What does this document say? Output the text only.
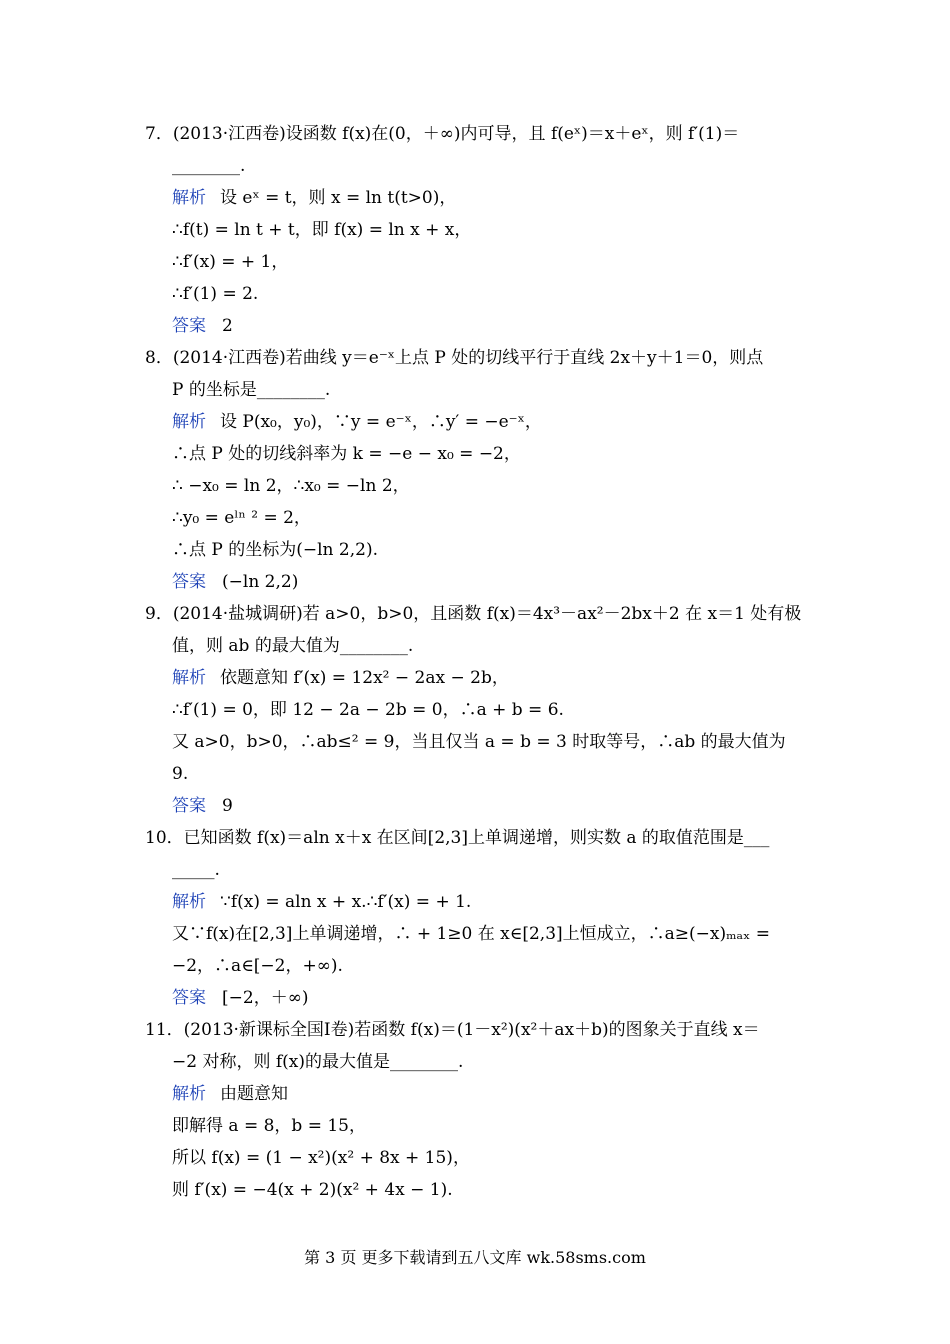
7．(2013·江西卷)设函数 f(x)在(0，＋∞)内可导，且 f(eˣ)＝x＋eˣ，则 f′(1)＝
________.
解析 设 eˣ = t，则 x = ln t(t>0)，
∴f(t) = ln t + t，即 f(x) = ln x + x，
∴f′(x) = + 1，
∴f′(1) = 2.
答案 2
8．(2014·江西卷)若曲线 y＝e⁻ˣ上点 P 处的切线平行于直线 2x＋y＋1＝0，则点
P 的坐标是________.
解析 设 P(x₀，y₀)，∵y = e⁻ˣ，∴y′ = −e⁻ˣ，
∴点 P 处的切线斜率为 k = −e − x₀ = −2，
∴ −x₀ = ln 2，∴x₀ = −ln 2，
∴y₀ = eˡⁿ ² = 2，
∴点 P 的坐标为(−ln 2,2).
答案 (−ln 2,2)
9．(2014·盐城调研)若 a>0，b>0，且函数 f(x)＝4x³－ax²－2bx＋2 在 x＝1 处有极
值，则 ab 的最大值为________.
解析 依题意知 f′(x) = 12x² − 2ax − 2b，
∴f′(1) = 0，即 12 − 2a − 2b = 0，∴a + b = 6.
又 a>0，b>0，∴ab≤² = 9，当且仅当 a = b = 3 时取等号，∴ab 的最大值为
9.
答案 9
10．已知函数 f(x)＝aln x＋x 在区间[2,3]上单调递增，则实数 a 的取值范围是___
_____.
解析 ∵f(x) = aln x + x.∴f′(x) = + 1.
又∵f(x)在[2,3]上单调递增，∴ + 1≥0 在 x∈[2,3]上恒成立，∴a≥(−x)ₘₐₓ =
−2，∴a∈[−2，+∞).
答案 [−2，＋∞)
11．(2013·新课标全国Ⅰ卷)若函数 f(x)＝(1－x²)(x²＋ax＋b)的图象关于直线 x＝
−2 对称，则 f(x)的最大值是________.
解析 由题意知
即解得 a = 8，b = 15，
所以 f(x) = (1 − x²)(x² + 8x + 15)，
则 f′(x) = −4(x + 2)(x² + 4x − 1).
第 3 页 更多下载请到五八文库 wk.58sms.com
